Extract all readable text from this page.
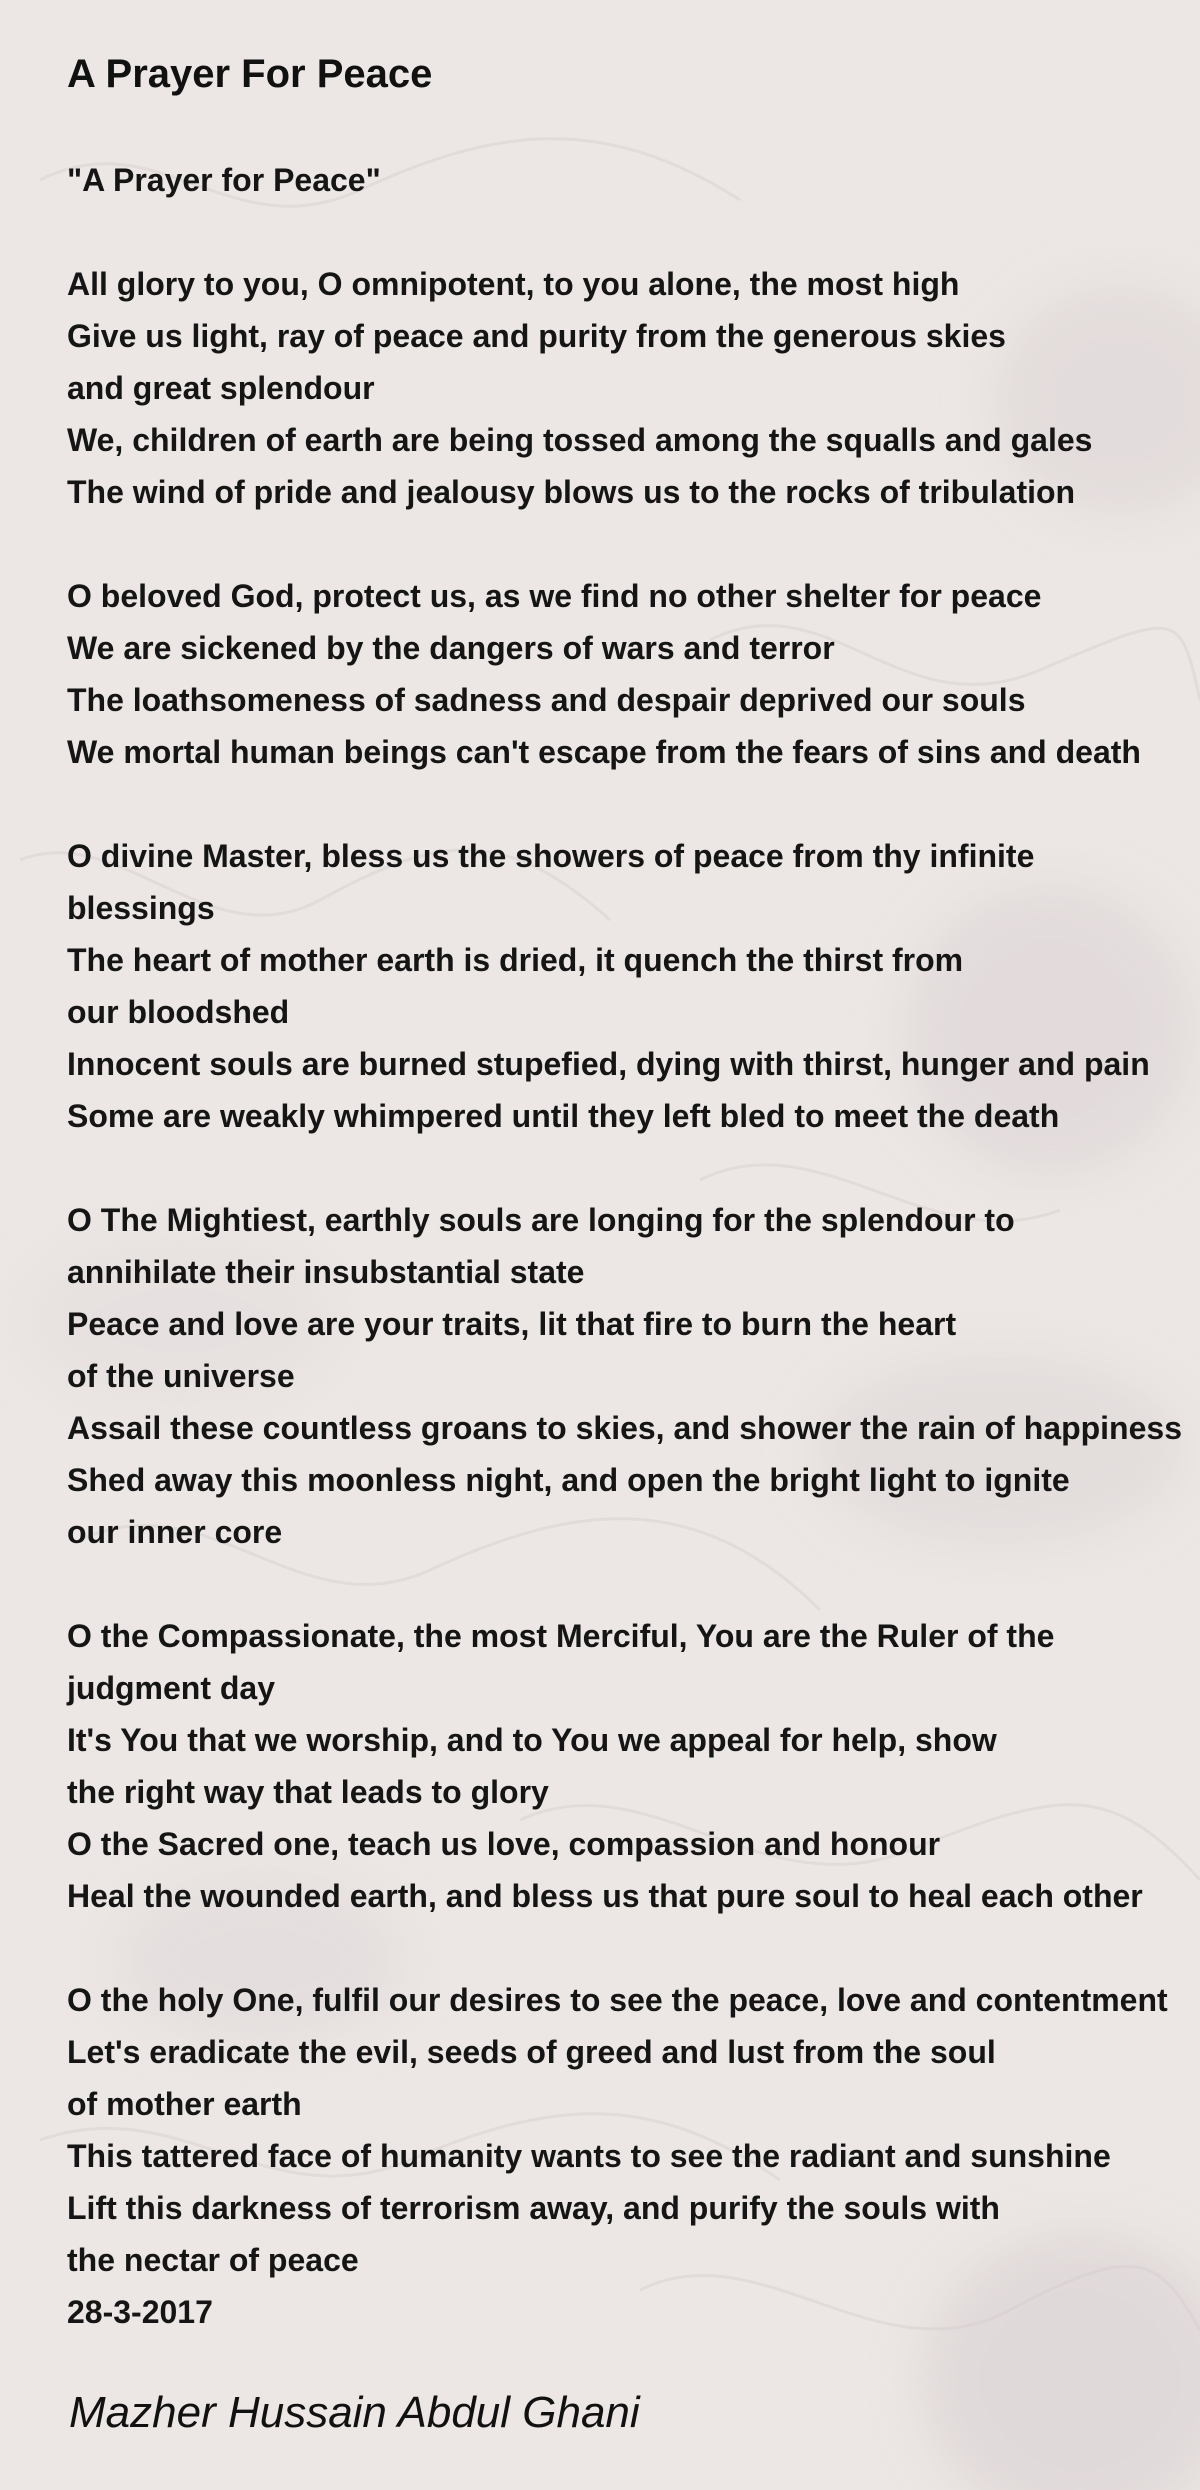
A Prayer For Peace
"A Prayer for Peace"
All glory to you, O omnipotent, to you alone, the most high
Give us light, ray of peace and purity from the generous skies
and great splendour
We, children of earth are being tossed among the squalls and gales
The wind of pride and jealousy blows us to the rocks of tribulation
O beloved God, protect us, as we find no other shelter for peace
We are sickened by the dangers of wars and terror
The loathsomeness of sadness and despair deprived our souls
We mortal human beings can't escape from the fears of sins and death
O divine Master, bless us the showers of peace from thy infinite
blessings
The heart of mother earth is dried, it quench the thirst from
our bloodshed
Innocent souls are burned stupefied, dying with thirst, hunger and pain
Some are weakly whimpered until they left bled to meet the death
O The Mightiest, earthly souls are longing for the splendour to
annihilate their insubstantial state
Peace and love are your traits, lit that fire to burn the heart
of the universe
Assail these countless groans to skies, and shower the rain of happiness
Shed away this moonless night, and open the bright light to ignite
our inner core
O the Compassionate, the most Merciful, You are the Ruler of the
judgment day
It's You that we worship, and to You we appeal for help, show
the right way that leads to glory
O the Sacred one, teach us love, compassion and honour
Heal the wounded earth, and bless us that pure soul to heal each other
O the holy One, fulfil our desires to see the peace, love and contentment
Let's eradicate the evil, seeds of greed and lust from the soul
of mother earth
This tattered face of humanity wants to see the radiant and sunshine
Lift this darkness of terrorism away, and purify the souls with
the nectar of peace
28-3-2017
Mazher Hussain Abdul Ghani
